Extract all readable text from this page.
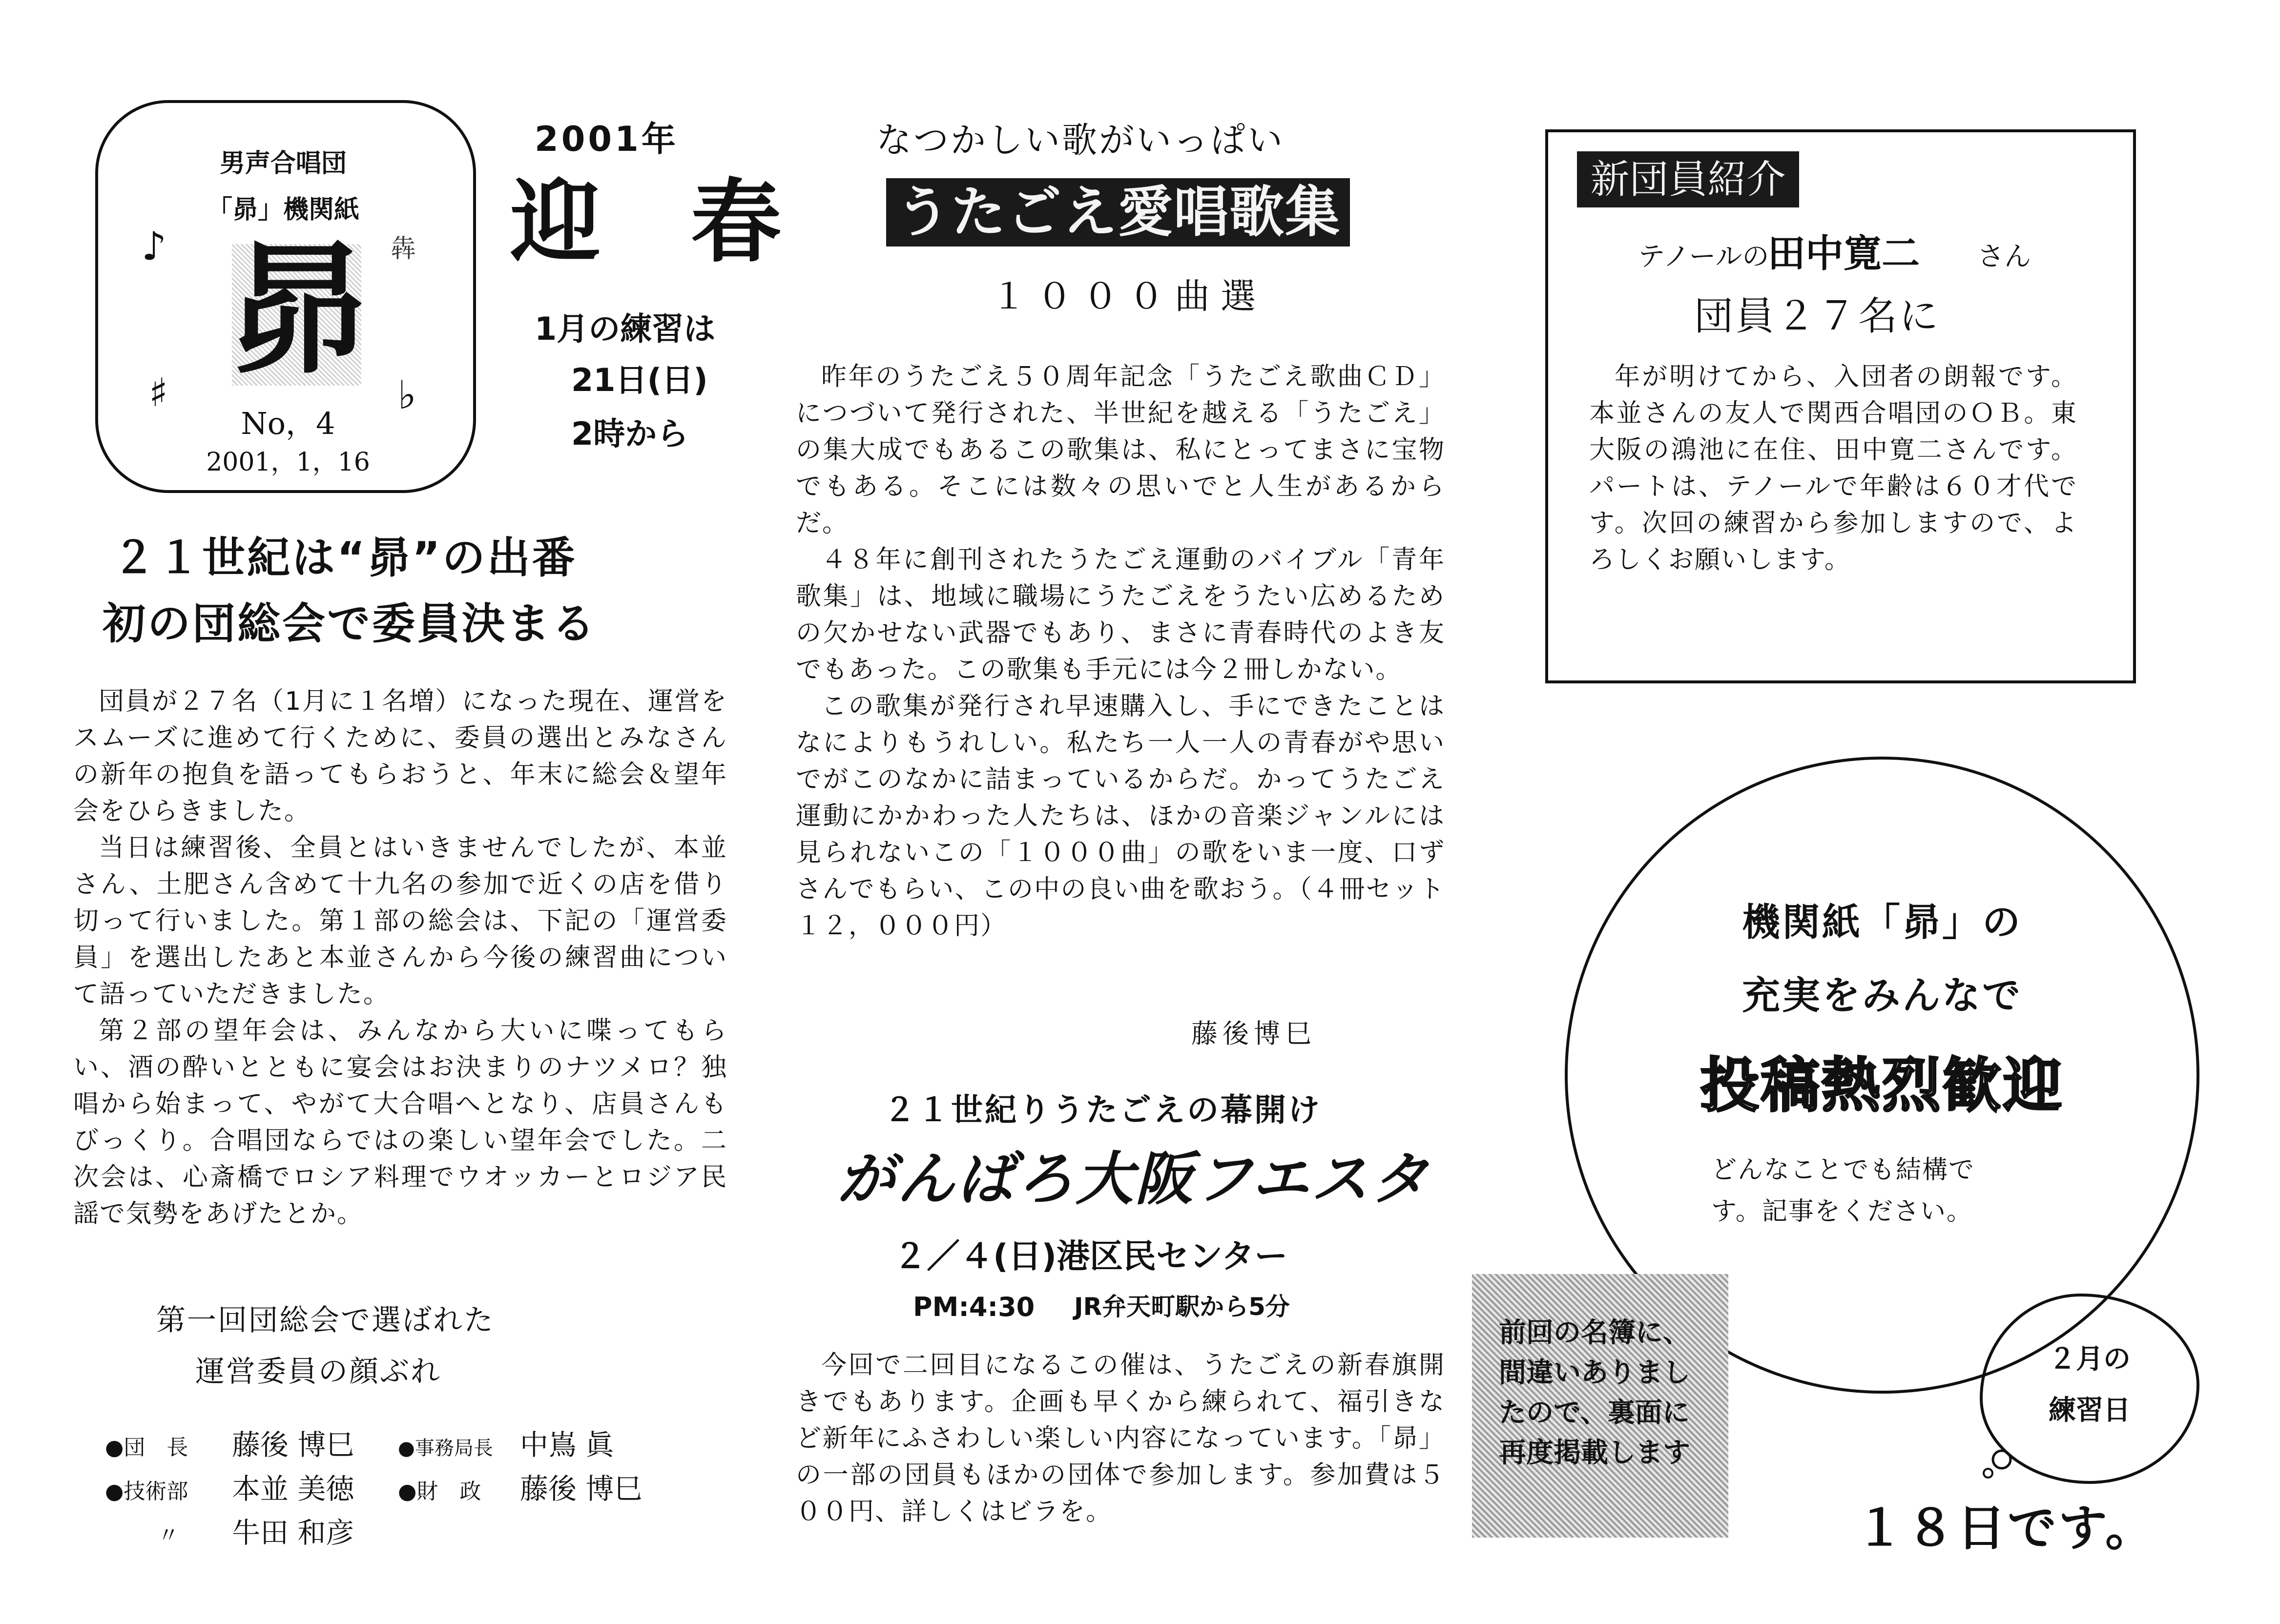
男声合唱団
「昴」機関紙
♪	犇
♯	♭
昴
No，4
2001，1，16
2001年
迎　春
1月の練習は
21日(日)
2時から
２１世紀は“昴”の出番
初の団総会で委員決まる

団員が２７名（1月に１名増）になった現在、運営をスムーズに進めて行くために、委員の選出とみなさんの新年の抱負を語ってもらおうと、年末に総会＆望年会をひらきました。

当日は練習後、全員とはいきませんでしたが、本並さん、土肥さん含めて十九名の参加で近くの店を借り切って行いました。第１部の総会は、下記の「運営委員」を選出したあと本並さんから今後の練習曲について語っていただきました。

第２部の望年会は、みんなから大いに喋ってもらい、酒の酔いとともに宴会はお決まりのナツメロ？独唱から始まって、やがて大合唱へとなり、店員さんもびっくり。合唱団ならではの楽しい望年会でした。二次会は、心斎橋でロシア料理でウオッカーとロジア民謡で気勢をあげたとか。

第一回団総会で選ばれた
運営委員の顔ぶれ
●団　長 藤後 博巳 ●事務局長 中嶌 眞
●技術部 本並 美徳 ●財　政 藤後 博巳
〃 牛田 和彦
なつかしい歌がいっぱい
うたごえ愛唱歌集
１０００曲選

昨年のうたごえ５０周年記念「うたごえ歌曲ＣＤ」につづいて発行された、半世紀を越える「うたごえ」の集大成でもあるこの歌集は、私にとってまさに宝物でもある。そこには数々の思いでと人生があるからだ。

４８年に創刊されたうたごえ運動のバイブル「青年歌集」は、地域に職場にうたごえをうたい広めるための欠かせない武器でもあり、まさに青春時代のよき友でもあった。この歌集も手元には今２冊しかない。

この歌集が発行され早速購入し、手にできたことはなによりもうれしい。私たち一人一人の青春がや思いでがこのなかに詰まっているからだ。かってうたごえ運動にかかわった人たちは、ほかの音楽ジャンルには見られないこの「１０００曲」の歌をいま一度、口ずさんでもらい、この中の良い曲を歌おう。（４冊セット　１２，０００円）

藤後博巳
２１世紀りうたごえの幕開け
がんばろ大阪フエスタ
２／４(日)港区民センター
PM:4:30 JR弁天町駅から5分

今回で二回目になるこの催は、うたごえの新春旗開きでもあります。企画も早くから練られて、福引きなど新年にふさわしい楽しい内容になっています。「昴」の一部の団員もほかの団体で参加します。参加費は５００円、詳しくはビラを。

新団員紹介
テノールの
田中寛二 さん
団員２７名に

年が明けてから、入団者の朗報です。本並さんの友人で関西合唱団のＯＢ。東大阪の鴻池に在住、田中寛二さんです。パートは、テノールで年齢は６０才代です。次回の練習から参加しますので、よろしくお願いします。

機関紙「昴」の
充実をみんなで
投稿熱烈歓迎
どんなことでも結構で
す。記事をください。
前回の名簿に、間違いありましたので、裏面に再度掲載します
２月の
練習日
１８日です。
